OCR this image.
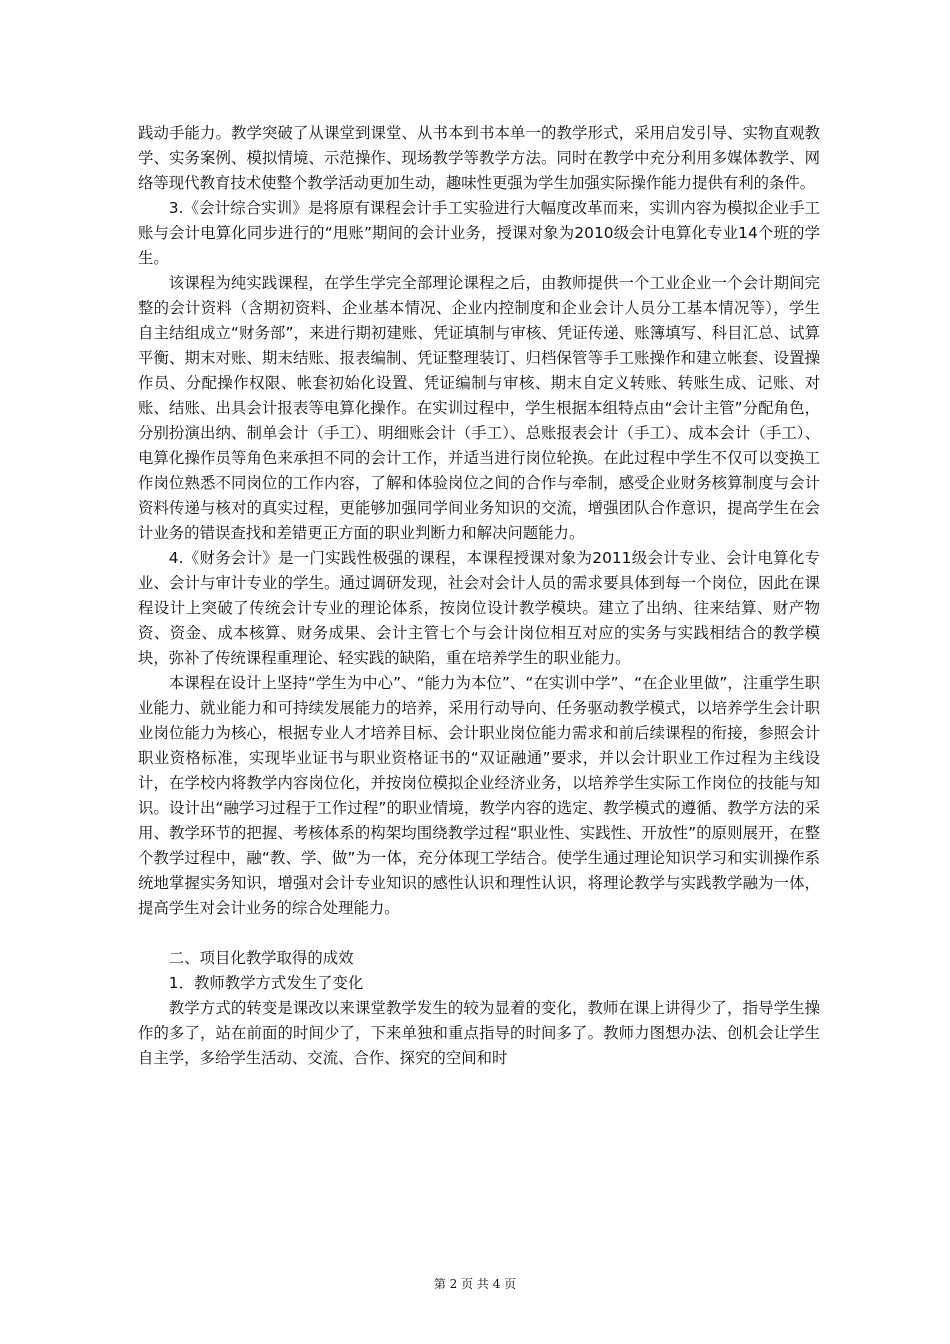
践动手能力。教学突破了从课堂到课堂、从书本到书本单一的教学形式，采用启发引导、实物直观教学、实务案例、模拟情境、示范操作、现场教学等教学方法。同时在教学中充分利用多媒体教学、网络等现代教育技术使整个教学活动更加生动，趣味性更强为学生加强实际操作能力提供有利的条件。

3.《会计综合实训》是将原有课程会计手工实验进行大幅度改革而来，实训内容为模拟企业手工账与会计电算化同步进行的“甩账”期间的会计业务，授课对象为2010级会计电算化专业14个班的学生。

该课程为纯实践课程，在学生学完全部理论课程之后，由教师提供一个工业企业一个会计期间完整的会计资料（含期初资料、企业基本情况、企业内控制度和企业会计人员分工基本情况等），学生自主结组成立“财务部”，来进行期初建账、凭证填制与审核、凭证传递、账簿填写、科目汇总、试算平衡、期末对账、期末结账、报表编制、凭证整理装订、归档保管等手工账操作和建立帐套、设置操作员、分配操作权限、帐套初始化设置、凭证编制与审核、期末自定义转账、转账生成、记账、对账、结账、出具会计报表等电算化操作。在实训过程中，学生根据本组特点由“会计主管”分配角色，分别扮演出纳、制单会计（手工）、明细账会计（手工）、总账报表会计（手工）、成本会计（手工）、电算化操作员等角色来承担不同的会计工作，并适当进行岗位轮换。在此过程中学生不仅可以变换工作岗位熟悉不同岗位的工作内容，了解和体验岗位之间的合作与牵制，感受企业财务核算制度与会计资料传递与核对的真实过程，更能够加强同学间业务知识的交流，增强团队合作意识，提高学生在会计业务的错误查找和差错更正方面的职业判断力和解决问题能力。

4.《财务会计》是一门实践性极强的课程，本课程授课对象为2011级会计专业、会计电算化专业、会计与审计专业的学生。通过调研发现，社会对会计人员的需求要具体到每一个岗位，因此在课程设计上突破了传统会计专业的理论体系，按岗位设计教学模块。建立了出纳、往来结算、财产物资、资金、成本核算、财务成果、会计主管七个与会计岗位相互对应的实务与实践相结合的教学模块，弥补了传统课程重理论、轻实践的缺陷，重在培养学生的职业能力。

本课程在设计上坚持“学生为中心”、“能力为本位”、“在实训中学”、“在企业里做”，注重学生职业能力、就业能力和可持续发展能力的培养，采用行动导向、任务驱动教学模式，以培养学生会计职业岗位能力为核心，根据专业人才培养目标、会计职业岗位能力需求和前后续课程的衔接，参照会计职业资格标准，实现毕业证书与职业资格证书的“双证融通”要求，并以会计职业工作过程为主线设计，在学校内将教学内容岗位化，并按岗位模拟企业经济业务，以培养学生实际工作岗位的技能与知识。设计出“融学习过程于工作过程”的职业情境，教学内容的选定、教学模式的遵循、教学方法的采用、教学环节的把握、考核体系的构架均围绕教学过程“职业性、实践性、开放性”的原则展开，在整个教学过程中，融“教、学、做”为一体，充分体现工学结合。使学生通过理论知识学习和实训操作系统地掌握实务知识，增强对会计专业知识的感性认识和理性认识，将理论教学与实践教学融为一体，提高学生对会计业务的综合处理能力。

二、项目化教学取得的成效

1．教师教学方式发生了变化

教学方式的转变是课改以来课堂教学发生的较为显着的变化，教师在课上讲得少了，指导学生操作的多了，站在前面的时间少了，下来单独和重点指导的时间多了。教师力图想办法、创机会让学生自主学，多给学生活动、交流、合作、探究的空间和时

第 2 页 共 4 页
